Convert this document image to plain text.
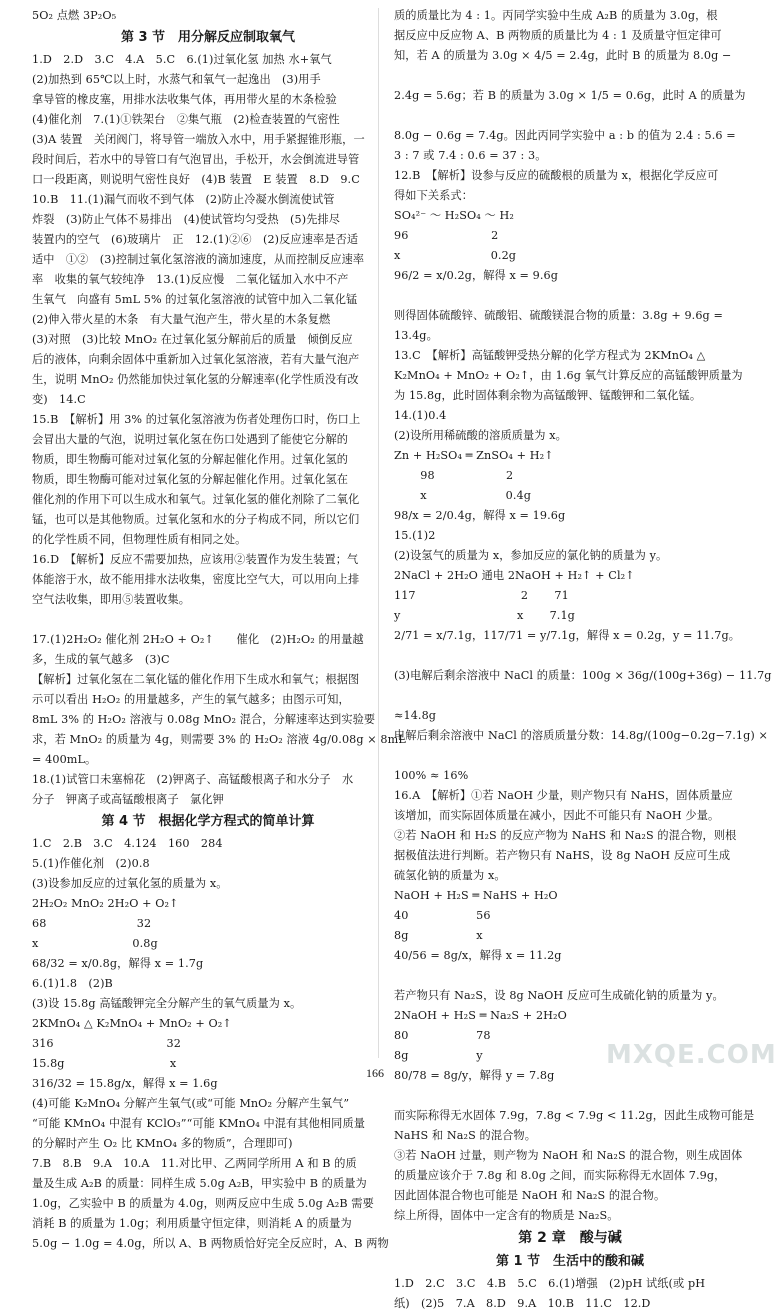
5O₂ 点燃 3P₂O₅
第 3 节　用分解反应制取氧气
1.D　2.D　3.C　4.A　5.C　6.(1)过氧化氢 加热 水+氧气
(2)加热到 65℃以上时，水蒸气和氧气一起逸出　(3)用手
拿导管的橡皮塞，用排水法收集气体，再用带火星的木条检验
(4)催化剂　7.(1)①铁架台　②集气瓶　(2)检查装置的气密性
(3)A 装置　关闭阀门，将导管一端放入水中，用手紧握锥形瓶，一
段时间后，若水中的导管口有气泡冒出，手松开，水会倒流进导管
口一段距离，则说明气密性良好　(4)B 装置　E 装置　8.D　9.C
10.B　11.(1)漏气而收不到气体　(2)防止冷凝水倒流使试管
炸裂　(3)防止气体不易排出　(4)使试管均匀受热　(5)先排尽
装置内的空气　(6)玻璃片　正　12.(1)②⑥　(2)反应速率是否适
适中　①②　(3)控制过氧化氢溶液的滴加速度，从而控制反应速率
率　收集的氧气较纯净　13.(1)反应慢　二氧化锰加入水中不产
生氧气　向盛有 5mL 5% 的过氧化氢溶液的试管中加入二氧化锰
(2)伸入带火星的木条　有大量气泡产生，带火星的木条复燃
(3)对照　(3)比较 MnO₂ 在过氧化氢分解前后的质量　倾倒反应
后的液体，向剩余固体中重新加入过氧化氢溶液，若有大量气泡产
生，说明 MnO₂ 仍然能加快过氧化氢的分解速率(化学性质没有改
变)　14.C
15.B　【解析】用 3% 的过氧化氢溶液为伤者处理伤口时，伤口上
会冒出大量的气泡，说明过氧化氢在伤口处遇到了能使它分解的
物质，即生物酶可能对过氧化氢的分解起催化作用。过氧化氢的
物质，即生物酶可能对过氧化氢的分解起催化作用。过氧化氢在
催化剂的作用下可以生成水和氧气。过氧化氢的催化剂除了二氧化
锰，也可以是其他物质。过氧化氢和水的分子构成不同，所以它们
的化学性质不同，但物理性质有相同之处。
16.D　【解析】反应不需要加热，应该用②装置作为发生装置；气
体能溶于水，故不能用排水法收集，密度比空气大，可以用向上排
空气法收集，即用⑤装置收集。
17.(1)2H₂O₂ 催化剂 2H₂O + O₂↑　　催化　(2)H₂O₂ 的用量越
多，生成的氧气越多　(3)C
【解析】过氧化氢在二氧化锰的催化作用下生成水和氧气；根据图
示可以看出 H₂O₂ 的用量越多，产生的氧气越多；由图示可知，
8mL 3% 的 H₂O₂ 溶液与 0.08g MnO₂ 混合，分解速率达到实验要
求，若 MnO₂ 的质量为 4g，则需要 3% 的 H₂O₂ 溶液 4g/0.08g × 8mL
= 400mL。
18.(1)试管口未塞棉花　(2)钾离子、高锰酸根离子和水分子　水
分子　钾离子或高锰酸根离子　氯化钾
第 4 节　根据化学方程式的简单计算
1.C　2.B　3.C　4.124　160　284
5.(1)作催化剂　(2)0.8
(3)设参加反应的过氧化氢的质量为 x。
2H₂O₂ MnO₂ 2H₂O + O₂↑
68　　　　　　　　32
x　　　　　　　　 0.8g
68/32 = x/0.8g，解得 x = 1.7g
6.(1)1.8　(2)B
(3)设 15.8g 高锰酸钾完全分解产生的氧气质量为 x。
2KMnO₄ △ K₂MnO₄ + MnO₂ + O₂↑
316　　　　　　　　　　32
15.8g　　　　　　　　　 x
316/32 = 15.8g/x，解得 x = 1.6g
(4)可能 K₂MnO₄ 分解产生氧气(或“可能 MnO₂ 分解产生氧气”
“可能 KMnO₄ 中混有 KClO₃”“可能 KMnO₄ 中混有其他相同质量
的分解时产生 O₂ 比 KMnO₄ 多的物质”，合理即可)
7.B　8.B　9.A　10.A　11.对比甲、乙两同学所用 A 和 B 的质
量及生成 A₂B 的质量：同样生成 5.0g A₂B，甲实验中 B 的质量为
1.0g，乙实验中 B 的质量为 4.0g，则两反应中生成 5.0g A₂B 需要
消耗 B 的质量为 1.0g；利用质量守恒定律，则消耗 A 的质量为
5.0g − 1.0g = 4.0g，所以 A、B 两物质恰好完全反应时，A、B 两物
质的质量比为 4 : 1。丙同学实验中生成 A₂B 的质量为 3.0g，根
据反应中反应物 A、B 两物质的质量比为 4 : 1 及质量守恒定律可
知，若 A 的质量为 3.0g × 4/5 = 2.4g，此时 B 的质量为 8.0g −
2.4g = 5.6g；若 B 的质量为 3.0g × 1/5 = 0.6g，此时 A 的质量为
8.0g − 0.6g = 7.4g。因此丙同学实验中 a : b 的值为 2.4 : 5.6 =
3 : 7 或 7.4 : 0.6 = 37 : 3。
12.B　【解析】设参与反应的硫酸根的质量为 x，根据化学反应可
得如下关系式：
SO₄²⁻ ～ H₂SO₄ ～ H₂
96　　　　　　　 2
x　　　　　　　　0.2g
96/2 = x/0.2g，解得 x = 9.6g
则得固体硫酸锌、硫酸铝、硫酸镁混合物的质量：3.8g + 9.6g =
13.4g。
13.C　【解析】高锰酸钾受热分解的化学方程式为 2KMnO₄ △
K₂MnO₄ + MnO₂ + O₂↑，由 1.6g 氧气计算反应的高锰酸钾质量为
为 15.8g，此时固体剩余物为高锰酸钾、锰酸钾和二氧化锰。
14.(1)0.4
(2)设所用稀硫酸的溶质质量为 x。
Zn + H₂SO₄ ═ ZnSO₄ + H₂↑
　　 98　　　　　　 2
　　 x　　　　　　　0.4g
98/x = 2/0.4g，解得 x = 19.6g
15.(1)2
(2)设氢气的质量为 x，参加反应的氯化钠的质量为 y。
2NaCl + 2H₂O 通电 2NaOH + H₂↑ + Cl₂↑
117　　　　　　　　　 2　　 71
y　　　　　　　　　　 x　　 7.1g
2/71 = x/7.1g，117/71 = y/7.1g，解得 x = 0.2g，y = 11.7g。
(3)电解后剩余溶液中 NaCl 的质量：100g × 36g/(100g+36g) − 11.7g
≈14.8g
电解后剩余溶液中 NaCl 的溶质质量分数：14.8g/(100g−0.2g−7.1g) ×
100% ≈ 16%
16.A　【解析】①若 NaOH 少量，则产物只有 NaHS，固体质量应
该增加，而实际固体质量在减小，因此不可能只有 NaOH 少量。
②若 NaOH 和 H₂S 的反应产物为 NaHS 和 Na₂S 的混合物，则根
据极值法进行判断。若产物只有 NaHS，设 8g NaOH 反应可生成
硫氢化钠的质量为 x。
NaOH + H₂S ═ NaHS + H₂O
40　　　　　　56
8g　　　　　　x
40/56 = 8g/x，解得 x = 11.2g
若产物只有 Na₂S，设 8g NaOH 反应可生成硫化钠的质量为 y。
2NaOH + H₂S ═ Na₂S + 2H₂O
80　　　　　　78
8g　　　　　　y
80/78 = 8g/y，解得 y = 7.8g
而实际称得无水固体 7.9g，7.8g < 7.9g < 11.2g，因此生成物可能是
NaHS 和 Na₂S 的混合物。
③若 NaOH 过量，则产物为 NaOH 和 Na₂S 的混合物，则生成固体
的质量应该介于 7.8g 和 8.0g 之间，而实际称得无水固体 7.9g，
因此固体混合物也可能是 NaOH 和 Na₂S 的混合物。
综上所得，固体中一定含有的物质是 Na₂S。
第 2 章　酸与碱
第 1 节　生活中的酸和碱
1.D　2.C　3.C　4.B　5.C　6.(1)增强　(2)pH 试纸(或 pH
纸)　(2)5　7.A　8.D　9.A　10.B　11.C　12.D
166
MXQE.COM
